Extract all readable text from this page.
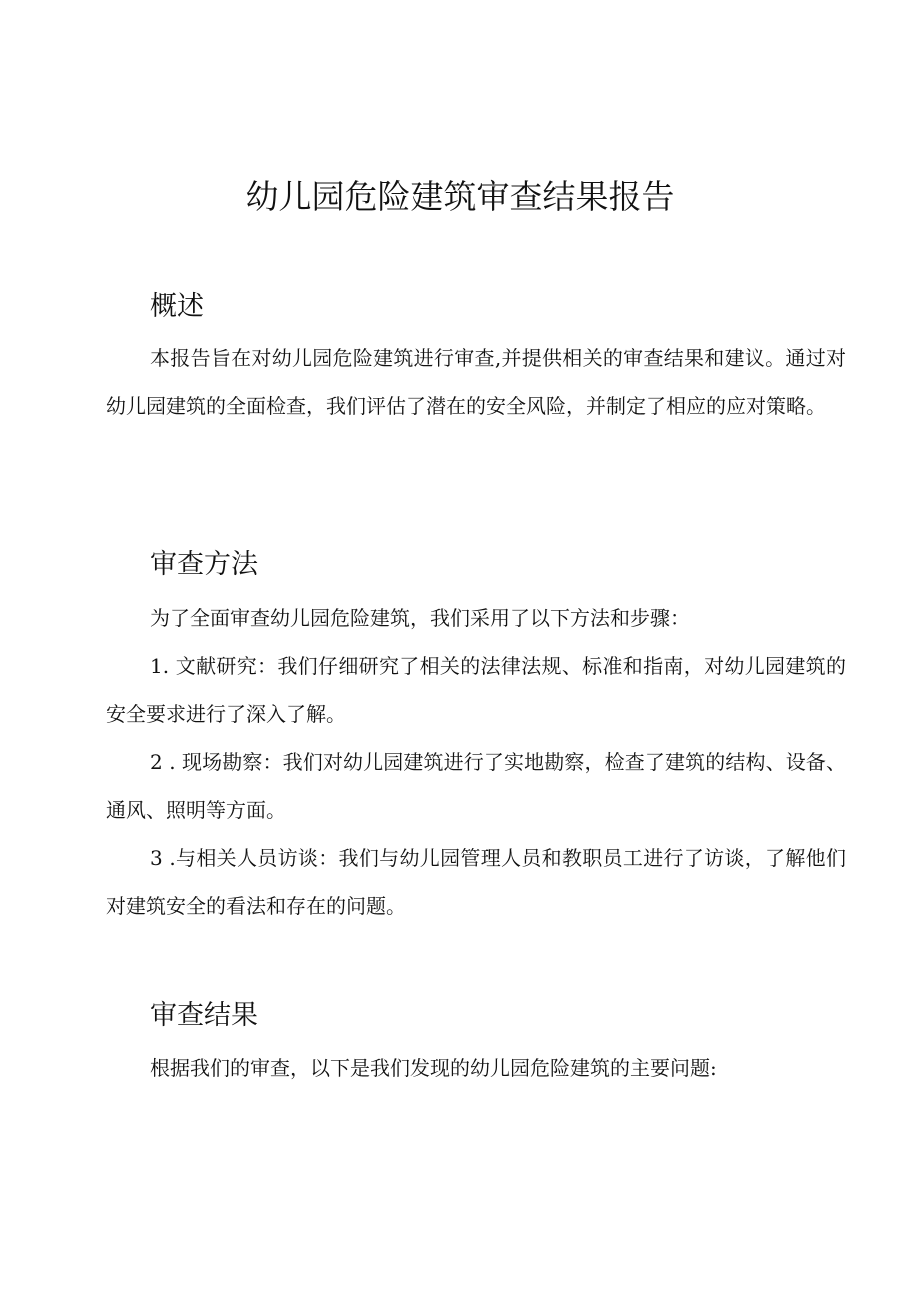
幼儿园危险建筑审查结果报告
概述

本报告旨在对幼儿园危险建筑进行审查,并提供相关的审查结果和建议。通过对幼儿园建筑的全面检查，我们评估了潜在的安全风险，并制定了相应的应对策略。

审查方法

为了全面审查幼儿园危险建筑，我们采用了以下方法和步骤：

1. 文献研究：我们仔细研究了相关的法律法规、标准和指南，对幼儿园建筑的安全要求进行了深入了解。

2 . 现场勘察：我们对幼儿园建筑进行了实地勘察，检查了建筑的结构、设备、通风、照明等方面。

3 .与相关人员访谈：我们与幼儿园管理人员和教职员工进行了访谈，了解他们对建筑安全的看法和存在的问题。

审查结果

根据我们的审查，以下是我们发现的幼儿园危险建筑的主要问题:
